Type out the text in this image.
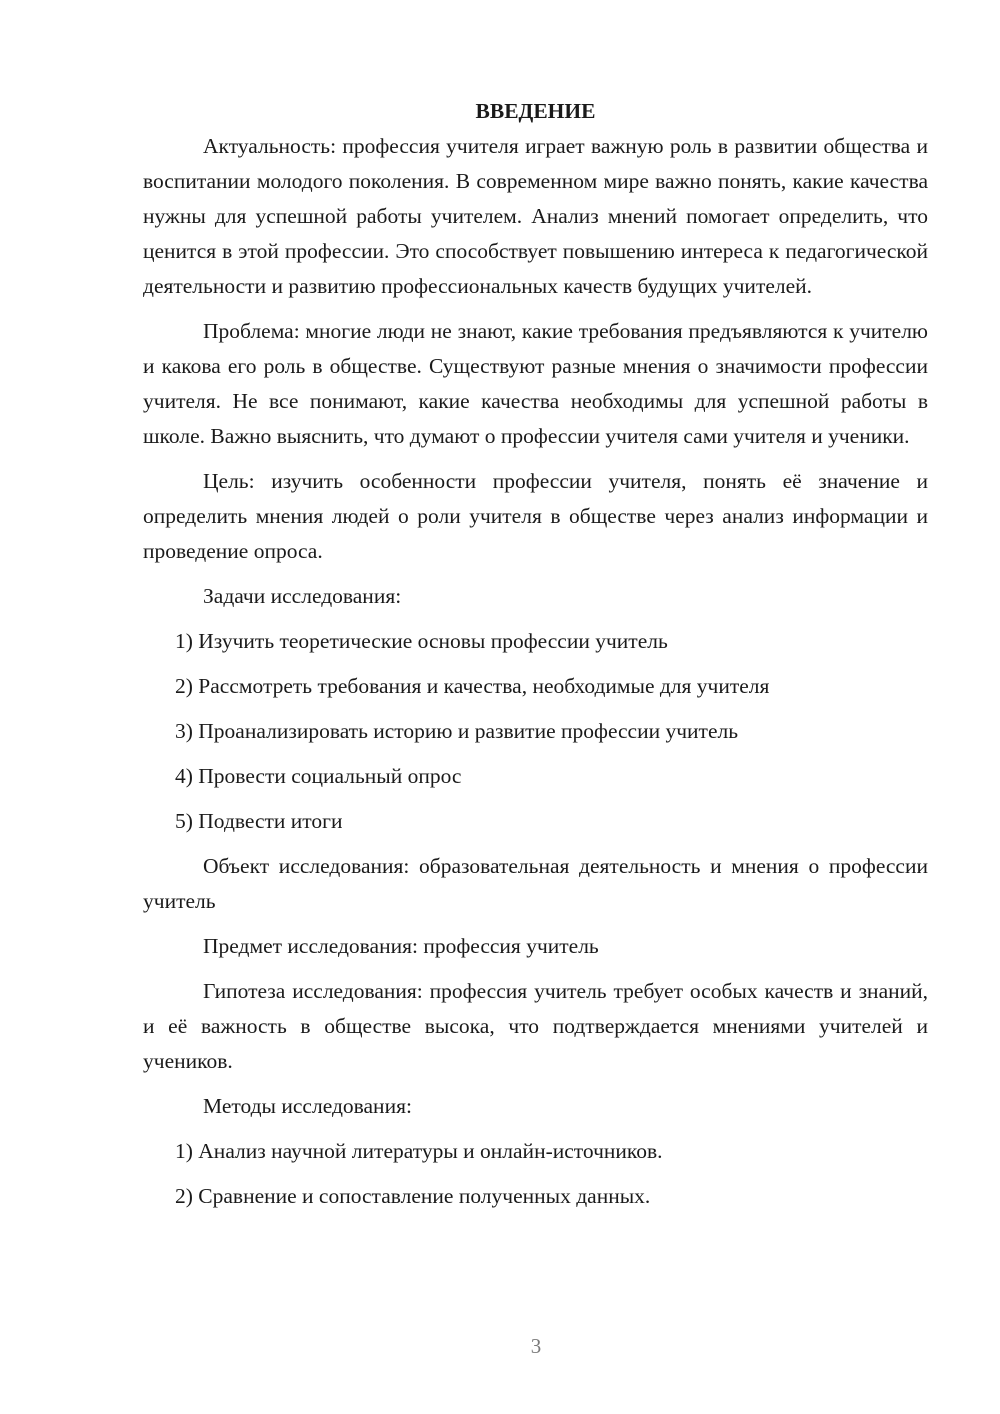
ВВЕДЕНИЕ

Актуальность: профессия учителя играет важную роль в развитии общества и воспитании молодого поколения. В современном мире важно понять, какие качества нужны для успешной работы учителем. Анализ мнений помогает определить, что ценится в этой профессии. Это способствует повышению интереса к педагогической деятельности и развитию профессиональных качеств будущих учителей.

Проблема: многие люди не знают, какие требования предъявляются к учителю и какова его роль в обществе. Существуют разные мнения о значимости профессии учителя. Не все понимают, какие качества необходимы для успешной работы в школе. Важно выяснить, что думают о профессии учителя сами учителя и ученики.

Цель: изучить особенности профессии учителя, понять её значение и определить мнения людей о роли учителя в обществе через анализ информации и проведение опроса.

Задачи исследования:

1) Изучить теоретические основы профессии учитель

2) Рассмотреть требования и качества, необходимые для учителя

3) Проанализировать историю и развитие профессии учитель

4) Провести социальный опрос

5) Подвести итоги

Объект исследования: образовательная деятельность и мнения о профессии учитель

Предмет исследования: профессия учитель

Гипотеза исследования: профессия учитель требует особых качеств и знаний, и её важность в обществе высока, что подтверждается мнениями учителей и учеников.

Методы исследования:

1) Анализ научной литературы и онлайн-источников.

2) Сравнение и сопоставление полученных данных.

3
